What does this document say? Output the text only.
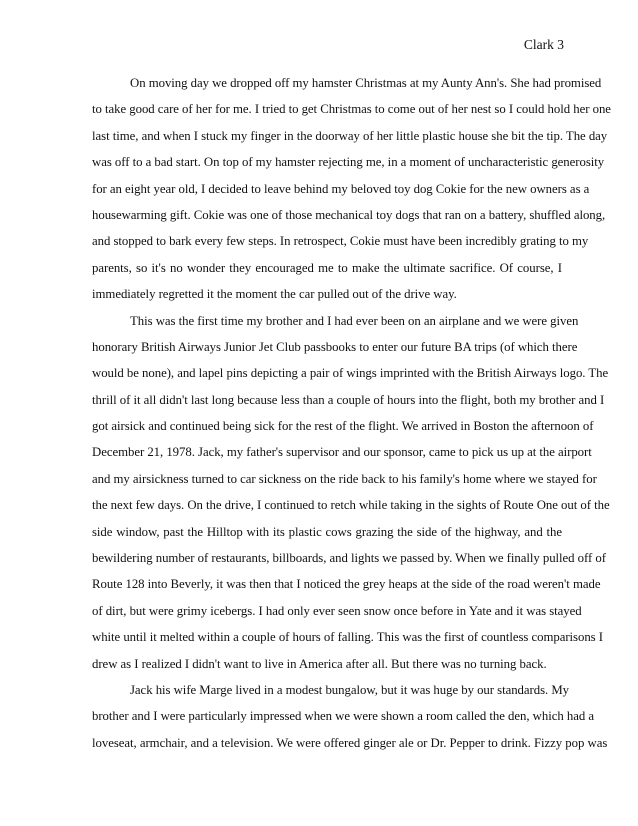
Clark 3
On moving day we dropped off my hamster Christmas at my Aunty Ann's. She had promised
to take good care of her for me. I tried to get Christmas to come out of her nest so I could hold her one
last time, and when I stuck my finger in the doorway of her little plastic house she bit the tip. The day
was off to a bad start. On top of my hamster rejecting me, in a moment of uncharacteristic generosity
for an eight year old, I decided to leave behind my beloved toy dog Cokie for the new owners as a
housewarming gift. Cokie was one of those mechanical toy dogs that ran on a battery, shuffled along,
and stopped to bark every few steps. In retrospect, Cokie must have been incredibly grating to my
parents, so it's no wonder they encouraged me to make the ultimate sacrifice. Of course, I
immediately regretted it the moment the car pulled out of the drive way.
This was the first time my brother and I had ever been on an airplane and we were given
honorary British Airways Junior Jet Club passbooks to enter our future BA trips (of which there
would be none), and lapel pins depicting a pair of wings imprinted with the British Airways logo. The
thrill of it all didn't last long because less than a couple of hours into the flight, both my brother and I
got airsick and continued being sick for the rest of the flight. We arrived in Boston the afternoon of
December 21, 1978. Jack, my father's supervisor and our sponsor, came to pick us up at the airport
and my airsickness turned to car sickness on the ride back to his family's home where we stayed for
the next few days. On the drive, I continued to retch while taking in the sights of Route One out of the
side window, past the Hilltop with its plastic cows grazing the side of the highway, and the
bewildering number of restaurants, billboards, and lights we passed by. When we finally pulled off of
Route 128 into Beverly, it was then that I noticed the grey heaps at the side of the road weren't made
of dirt, but were grimy icebergs. I had only ever seen snow once before in Yate and it was stayed
white until it melted within a couple of hours of falling. This was the first of countless comparisons I
drew as I realized I didn't want to live in America after all. But there was no turning back.
Jack his wife Marge lived in a modest bungalow, but it was huge by our standards. My
brother and I were particularly impressed when we were shown a room called the den, which had a
loveseat, armchair, and a television. We were offered ginger ale or Dr. Pepper to drink. Fizzy pop was
